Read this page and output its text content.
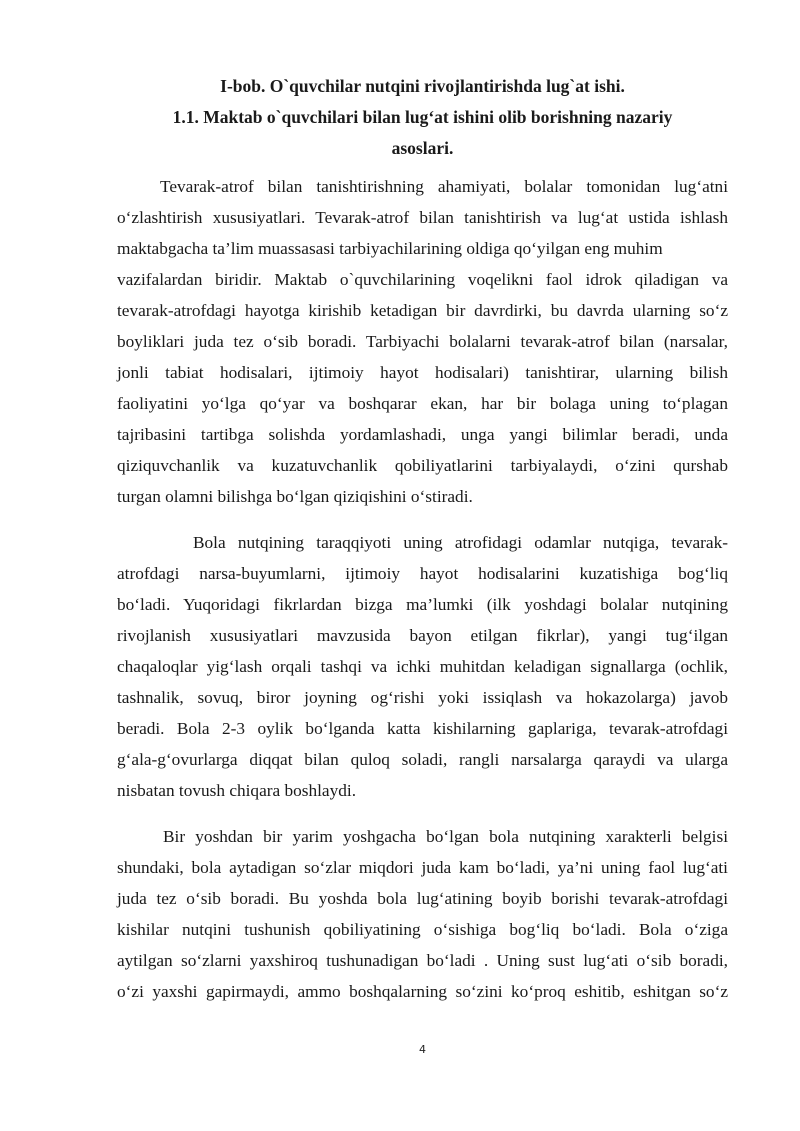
I-bob. O`quvchilar nutqini rivojlantirishda lug`at ishi.

1.1. Maktab o`quvchilari bilan lug‘at ishini olib borishning nazariy

asoslari.

Tevarak-atrof bilan tanishtirishning ahamiyati, bolalar tomonidan lug‘atni

o‘zlashtirish xususiyatlari. Tevarak-atrof bilan tanishtirish va lug‘at ustida ishlash

maktabgacha ta’lim muassasasi tarbiyachilarining oldiga qo‘yilgan eng muhim

vazifalardan biridir. Maktab o`quvchilarining voqelikni faol idrok qiladigan va

tevarak-atrofdagi hayotga kirishib ketadigan bir davrdirki, bu davrda ularning so‘z

boyliklari juda tez o‘sib boradi. Tarbiyachi bolalarni tevarak-atrof bilan (narsalar,

jonli tabiat hodisalari, ijtimoiy hayot hodisalari) tanishtirar, ularning bilish

faoliyatini yo‘lga qo‘yar va boshqarar ekan, har bir bolaga uning to‘plagan

tajribasini tartibga solishda yordamlashadi, unga yangi bilimlar beradi, unda

qiziquvchanlik va kuzatuvchanlik qobiliyatlarini tarbiyalaydi, o‘zini qurshab

turgan olamni bilishga bo‘lgan qiziqishini o‘stiradi.

Bola nutqining taraqqiyoti uning atrofidagi odamlar nutqiga, tevarak-

atrofdagi narsa-buyumlarni, ijtimoiy hayot hodisalarini kuzatishiga bog‘liq

bo‘ladi. Yuqoridagi fikrlardan bizga ma’lumki (ilk yoshdagi bolalar nutqining

rivojlanish xususiyatlari mavzusida bayon etilgan fikrlar), yangi tug‘ilgan

chaqaloqlar yig‘lash orqali tashqi va ichki muhitdan keladigan signallarga (ochlik,

tashnalik, sovuq, biror joyning og‘rishi yoki issiqlash va hokazolarga) javob

beradi. Bola 2-3 oylik bo‘lganda katta kishilarning gaplariga, tevarak-atrofdagi

g‘ala-g‘ovurlarga diqqat bilan quloq soladi, rangli narsalarga qaraydi va ularga

nisbatan tovush chiqara boshlaydi.

Bir yoshdan bir yarim yoshgacha bo‘lgan bola nutqining xarakterli belgisi

shundaki, bola aytadigan so‘zlar miqdori juda kam bo‘ladi, ya’ni uning faol lug‘ati

juda tez o‘sib boradi. Bu yoshda bola lug‘atining boyib borishi tevarak-atrofdagi

kishilar nutqini tushunish qobiliyatining o‘sishiga bog‘liq bo‘ladi. Bola o‘ziga

aytilgan so‘zlarni yaxshiroq tushunadigan bo‘ladi . Uning sust lug‘ati o‘sib boradi,

o‘zi yaxshi gapirmaydi, ammo boshqalarning so‘zini ko‘proq eshitib, eshitgan so‘z

4
